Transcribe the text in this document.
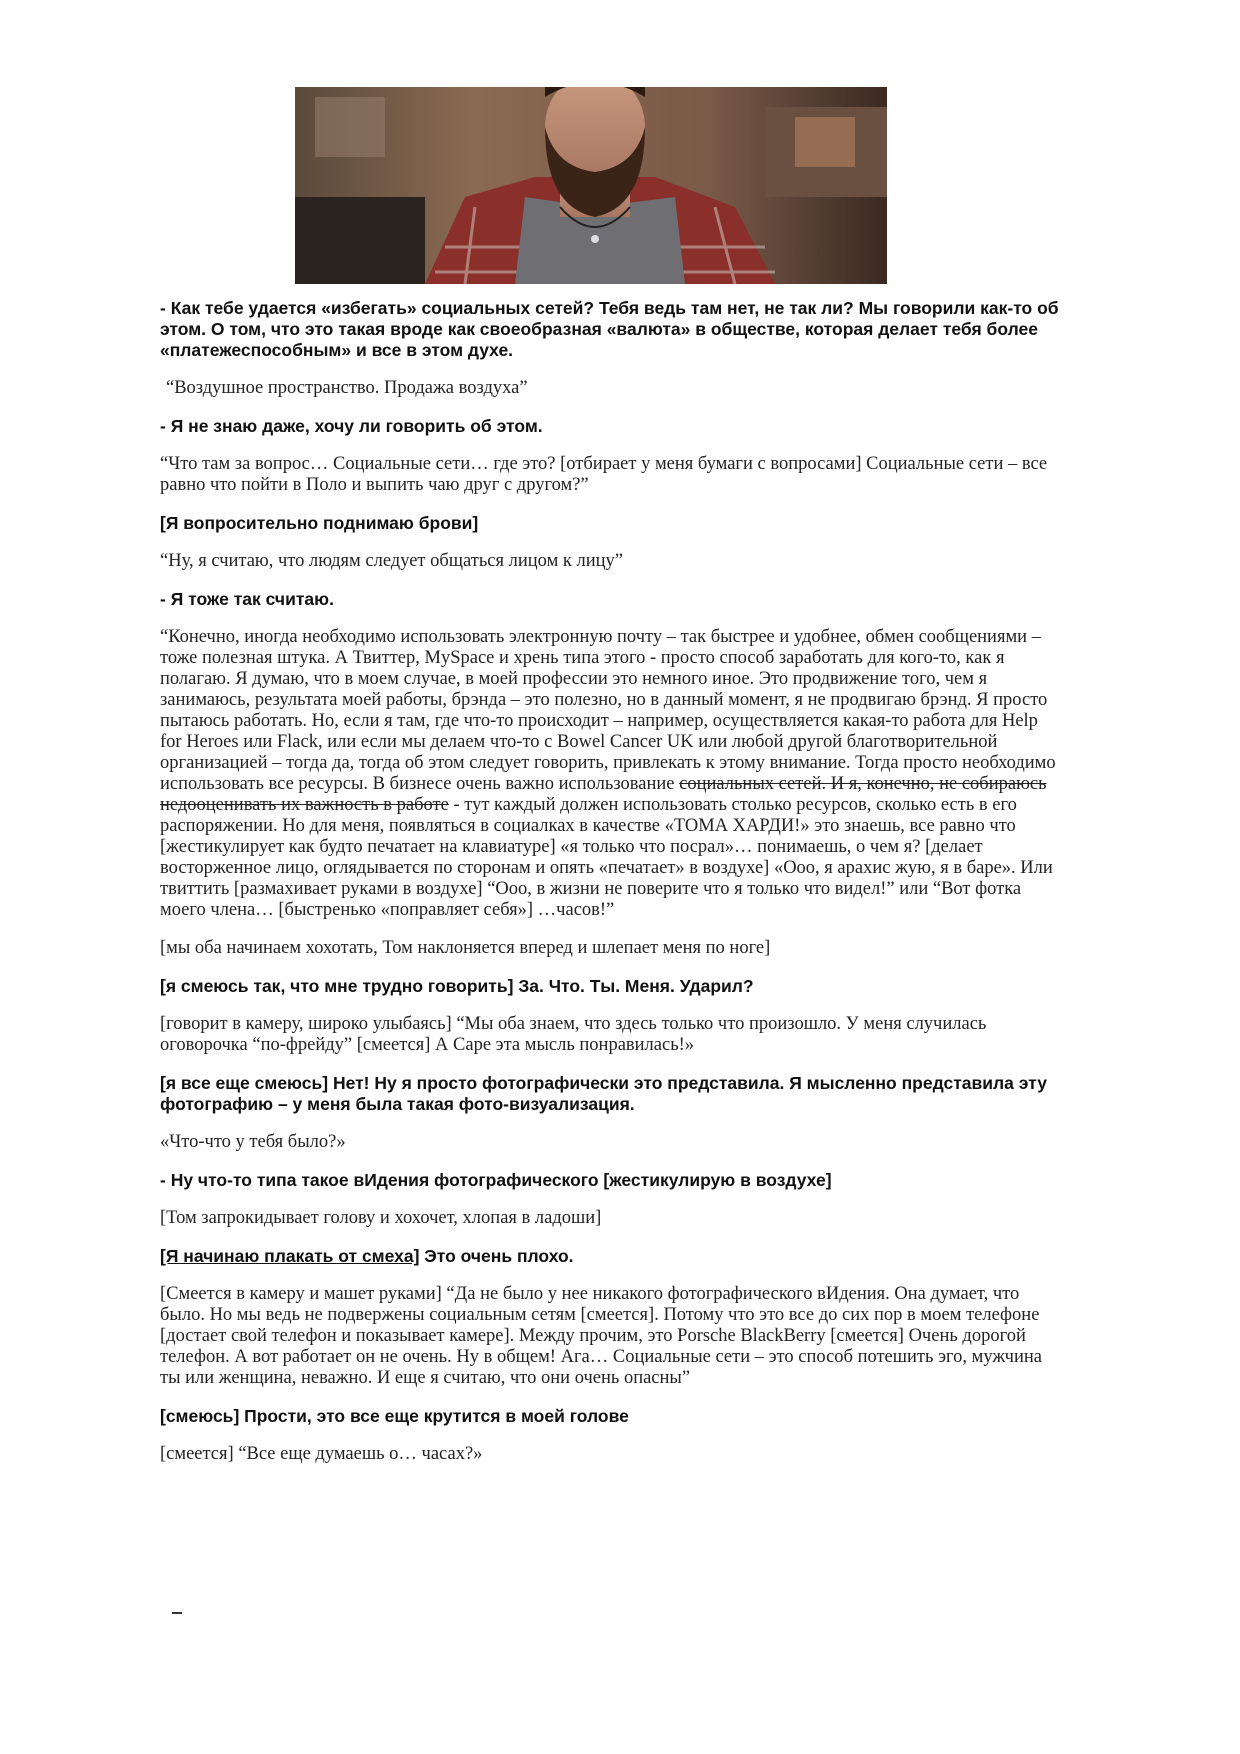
- Как тебе удается «избегать» социальных сетей? Тебя ведь там нет, не так ли? Мы говорили как-то об этом. О том, что это такая вроде как своеобразная «валюта» в обществе, которая делает тебя более «платежеспособным» и все в этом духе.

“Воздушное пространство. Продажа воздуха”

- Я не знаю даже, хочу ли говорить об этом.

“Что там за вопрос… Социальные сети… где это? [отбирает у меня бумаги с вопросами] Социальные сети – все равно что пойти в Поло и выпить чаю друг с другом?”

[Я вопросительно поднимаю брови]

“Ну, я считаю, что людям следует общаться лицом к лицу”

- Я тоже так считаю.

“Конечно, иногда необходимо использовать электронную почту – так быстрее и удобнее, обмен сообщениями – тоже полезная штука. А Твиттер, MySpace и хрень типа этого - просто способ заработать для кого-то, как я полагаю. Я думаю, что в моем случае, в моей профессии это немного иное. Это продвижение того, чем я занимаюсь, результата моей работы, брэнда – это полезно, но в данный момент, я не продвигаю брэнд. Я просто пытаюсь работать. Но, если я там, где что-то происходит – например, осуществляется какая-то работа для Help for Heroes или Flack, или если мы делаем что-то с Bowel Cancer UK или любой другой благотворительной организацией – тогда да, тогда об этом следует говорить, привлекать к этому внимание. Тогда просто необходимо использовать все ресурсы. В бизнесе очень важно использование социальных сетей. И я, конечно, не собираюсь недооценивать их важность в работе - тут каждый должен использовать столько ресурсов, сколько есть в его распоряжении. Но для меня, появляться в социалках в качестве «ТОМА ХАРДИ!» это знаешь, все равно что [жестикулирует как будто печатает на клавиатуре] «я только что посрал»… понимаешь, о чем я? [делает восторженное лицо, оглядывается по сторонам и опять «печатает» в воздухе] «Ооо, я арахис жую, я в баре». Или твиттить [размахивает руками в воздухе] “Ооо, в жизни не поверите что я только что видел!” или “Вот фотка моего члена… [быстренько «поправляет себя»] …часов!”

[мы оба начинаем хохотать, Том наклоняется вперед и шлепает меня по ноге]

[я смеюсь так, что мне трудно говорить] За. Что. Ты. Меня. Ударил?

[говорит в камеру, широко улыбаясь] “Мы оба знаем, что здесь только что произошло. У меня случилась оговорочка “по-фрейду” [смеется] А Саре эта мысль понравилась!»

[я все еще смеюсь] Нет! Ну я просто фотографически это представила. Я мысленно представила эту фотографию – у меня была такая фото-визуализация.

«Что-что у тебя было?»

- Ну что-то типа такое вИдения фотографического [жестикулирую в воздухе]

[Том запрокидывает голову и хохочет, хлопая в ладоши]

[Я начинаю плакать от смеха] Это очень плохо.

[Смеется в камеру и машет руками] “Да не было у нее никакого фотографического вИдения. Она думает, что было. Но мы ведь не подвержены социальным сетям [смеется]. Потому что это все до сих пор в моем телефоне [достает свой телефон и показывает камере]. Между прочим, это Porsche BlackBerry [смеется] Очень дорогой телефон. А вот работает он не очень. Ну в общем! Ага… Социальные сети – это способ потешить эго, мужчина ты или женщина, неважно. И еще я считаю, что они очень опасны”

[смеюсь] Прости, это все еще крутится в моей голове

[смеется] “Все еще думаешь о… часах?»
